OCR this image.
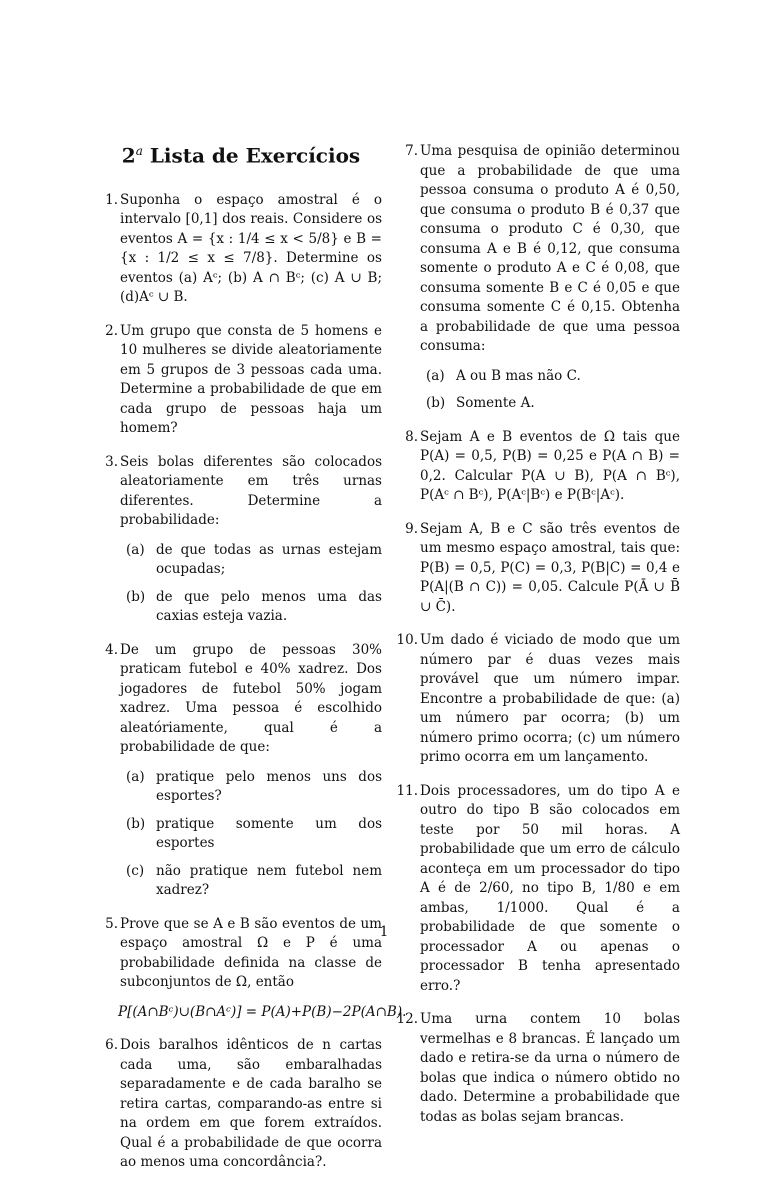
2$^a$ Lista de Exercícios
1. Suponha o espaço amostral é o intervalo [0,1] dos reais. Considere os eventos A = {x : 1/4 ≤ x < 5/8} e B = {x : 1/2 ≤ x ≤ 7/8}. Determine os eventos (a) Aᶜ; (b) A ∩ Bᶜ; (c) A ∪ B; (d)Aᶜ ∪ B.
2. Um grupo que consta de 5 homens e 10 mulheres se divide aleatoriamente em 5 grupos de 3 pessoas cada uma. Determine a probabilidade de que em cada grupo de pessoas haja um homem?
3. Seis bolas diferentes são colocados aleatoriamente em três urnas diferentes. Determine a probabilidade:
(a) de que todas as urnas estejam ocupadas;
(b) de que pelo menos uma das caxias esteja vazia.
4. De um grupo de pessoas 30% praticam futebol e 40% xadrez. Dos jogadores de futebol 50% jogam xadrez. Uma pessoa é escolhido aleatóriamente, qual é a probabilidade de que:
(a) pratique pelo menos uns dos esportes?
(b) pratique somente um dos esportes
(c) não pratique nem futebol nem xadrez?
5. Prove que se A e B são eventos de um espaço amostral Ω e P é uma probabilidade definida na classe de subconjuntos de Ω, então
P[(A∩Bᶜ)∪(B∩Aᶜ)] = P(A)+P(B)−2P(A∩B).
6. Dois baralhos idênticos de n cartas cada uma, são embaralhadas separadamente e de cada baralho se retira cartas, comparando-as entre si na ordem em que forem extraídos. Qual é a probabilidade de que ocorra ao menos uma concordância?.
7. Uma pesquisa de opinião determinou que a probabilidade de que uma pessoa consuma o produto A é 0,50, que consuma o produto B é 0,37 que consuma o produto C é 0,30, que consuma A e B é 0,12, que consuma somente o produto A e C é 0,08, que consuma somente B e C é 0,05 e que consuma somente C é 0,15. Obtenha a probabilidade de que uma pessoa consuma:
(a) A ou B mas não C.
(b) Somente A.
8. Sejam A e B eventos de Ω tais que P(A) = 0,5, P(B) = 0,25 e P(A ∩ B) = 0,2. Calcular P(A ∪ B), P(A ∩ Bᶜ), P(Aᶜ ∩ Bᶜ), P(Aᶜ|Bᶜ) e P(Bᶜ|Aᶜ).
9. Sejam A, B e C são três eventos de um mesmo espaço amostral, tais que: P(B) = 0,5, P(C) = 0,3, P(B|C) = 0,4 e P(A|(B ∩ C)) = 0,05. Calcule P(Ā ∪ B̄ ∪ C̄).
10. Um dado é viciado de modo que um número par é duas vezes mais provável que um número impar. Encontre a probabilidade de que: (a) um número par ocorra; (b) um número primo ocorra; (c) um número primo ocorra em um lançamento.
11. Dois processadores, um do tipo A e outro do tipo B são colocados em teste por 50 mil horas. A probabilidade que um erro de cálculo aconteça em um processador do tipo A é de 2/60, no tipo B, 1/80 e em ambas, 1/1000. Qual é a probabilidade de que somente o processador A ou apenas o processador B tenha apresentado erro.?
12. Uma urna contem 10 bolas vermelhas e 8 brancas. É lançado um dado e retira-se da urna o número de bolas que indica o número obtido no dado. Determine a probabilidade que todas as bolas sejam brancas.
1
